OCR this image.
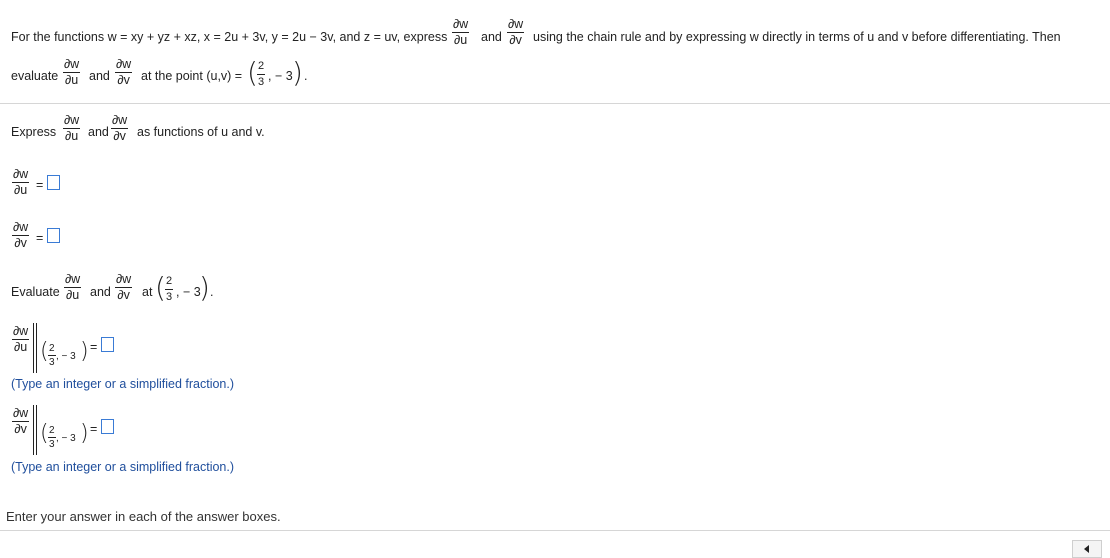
For the functions w = xy + yz + xz, x = 2u + 3v, y = 2u − 3v, and z = uv, express $\frac{\partial w}{\partial u}$ and $\frac{\partial w}{\partial v}$ using the chain rule and by expressing w directly in terms of u and v before differentiating. Then
evaluate $\frac{\partial w}{\partial u}$ and $\frac{\partial w}{\partial v}$ at the point (u,v) = ( $\frac{2}{3}$ , − 3 ) .
Express $\frac{\partial w}{\partial u}$ and $\frac{\partial w}{\partial v}$ as functions of u and v.
$\frac{\partial w}{\partial u}$ =
$\frac{\partial w}{\partial v}$ =
Evaluate $\frac{\partial w}{\partial u}$ and $\frac{\partial w}{\partial v}$ at ( $\frac{2}{3}$ , − 3
) .
$\frac{\partial w}{\partial u}$ ( $\frac{2}{3}$ , − 3 ) =
(Type an integer or a simplified fraction.)
$\frac{\partial w}{\partial v}$ ( $\frac{2}{3}$ , − 3 ) =
(Type an integer or a simplified fraction.)
Enter your answer in each of the answer boxes.
